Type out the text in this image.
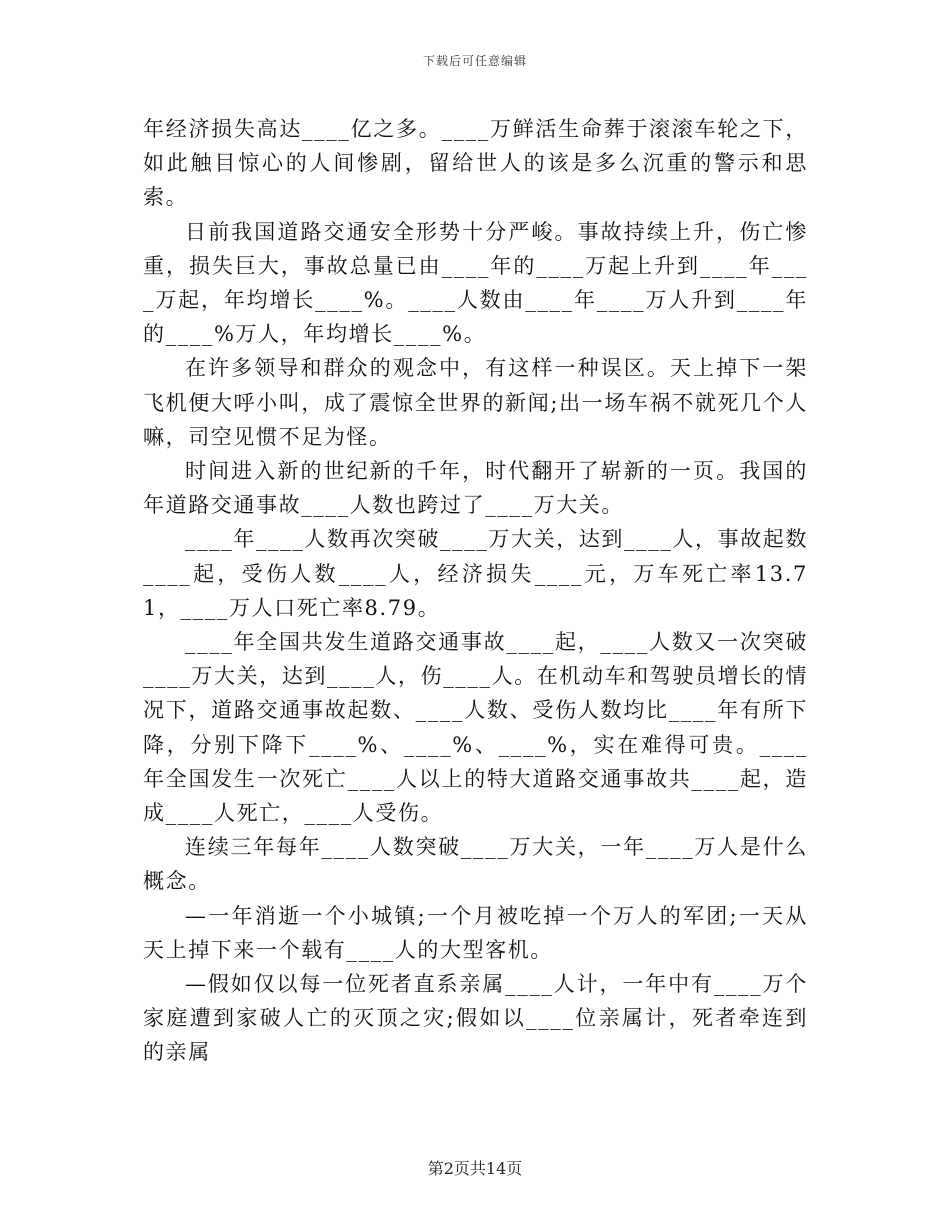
下载后可任意编辑

年经济损失高达____亿之多。____万鲜活生命葬于滚滚车轮之下，如此触目惊心的人间惨剧，留给世人的该是多么沉重的警示和思索。

日前我国道路交通安全形势十分严峻。事故持续上升，伤亡惨重，损失巨大，事故总量已由____年的____万起上升到____年____万起，年均增长____%。____人数由____年____万人升到____年的____%万人，年均增长____%。

在许多领导和群众的观念中，有这样一种误区。天上掉下一架飞机便大呼小叫，成了震惊全世界的新闻;出一场车祸不就死几个人嘛，司空见惯不足为怪。

时间进入新的世纪新的千年，时代翻开了崭新的一页。我国的年道路交通事故____人数也跨过了____万大关。

____年____人数再次突破____万大关，达到____人，事故起数____起，受伤人数____人，经济损失____元，万车死亡率13.71，____万人口死亡率8.79。

____年全国共发生道路交通事故____起，____人数又一次突破____万大关，达到____人，伤____人。在机动车和驾驶员增长的情况下，道路交通事故起数、____人数、受伤人数均比____年有所下降，分别下降下____%、____%、____%，实在难得可贵。____年全国发生一次死亡____人以上的特大道路交通事故共____起，造成____人死亡，____人受伤。

连续三年每年____人数突破____万大关，一年____万人是什么概念。

—一年消逝一个小城镇;一个月被吃掉一个万人的军团;一天从天上掉下来一个载有____人的大型客机。

—假如仅以每一位死者直系亲属____人计，一年中有____万个家庭遭到家破人亡的灭顶之灾;假如以____位亲属计，死者牵连到的亲属

第2页共14页
